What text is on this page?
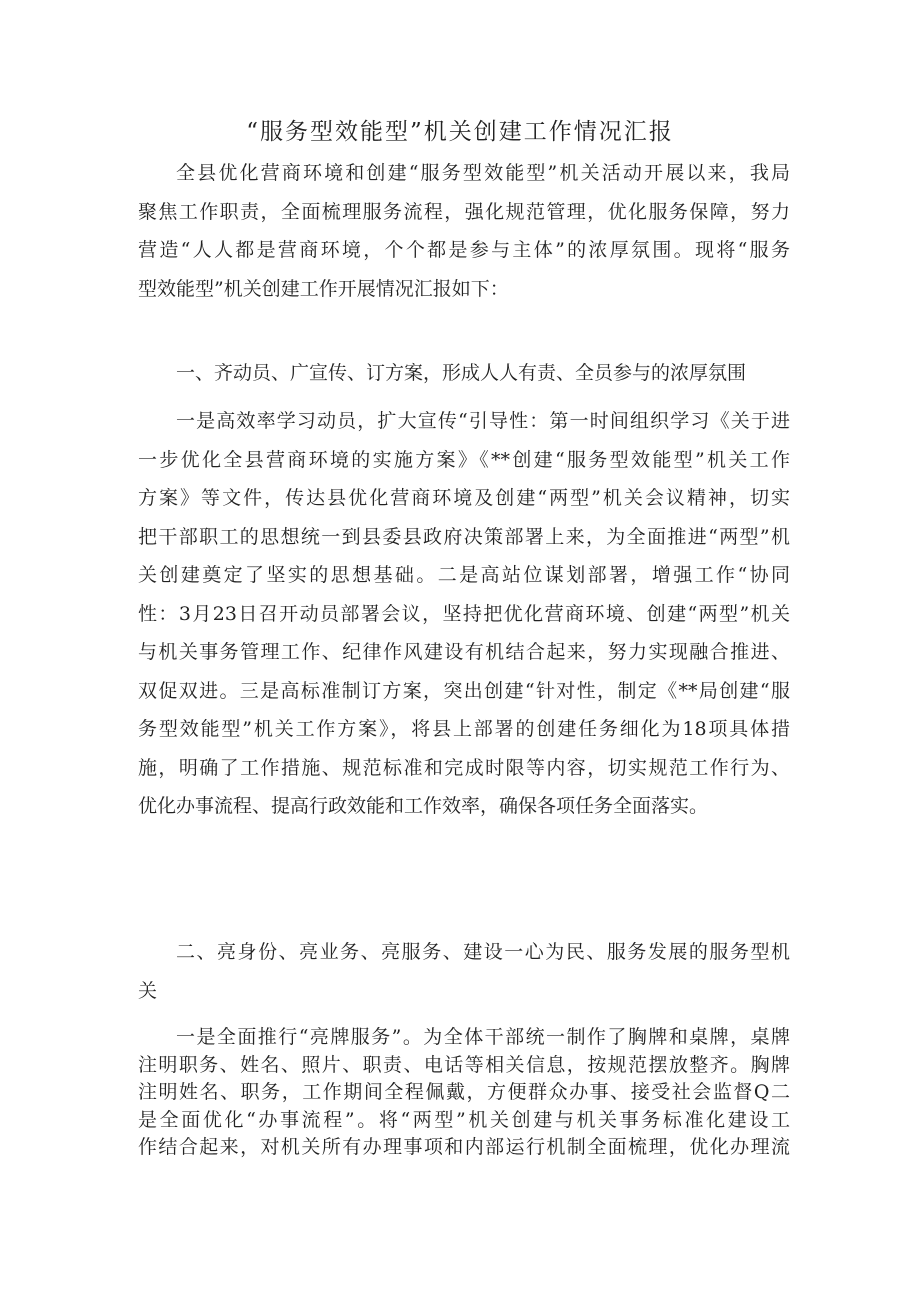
“服务型效能型”机关创建工作情况汇报
全县优化营商环境和创建“服务型效能型”机关活动开展以来，我局
聚焦工作职责，全面梳理服务流程，强化规范管理，优化服务保障，努力
营造“人人都是营商环境，个个都是参与主体”的浓厚氛围。现将“服务
型效能型”机关创建工作开展情况汇报如下：
一、齐动员、广宣传、订方案，形成人人有责、全员参与的浓厚氛围
一是高效率学习动员，扩大宣传“引导性：第一时间组织学习《关于进
一步优化全县营商环境的实施方案》《**创建“服务型效能型”机关工作
方案》等文件，传达县优化营商环境及创建“两型”机关会议精神，切实
把干部职工的思想统一到县委县政府决策部署上来，为全面推进“两型”机
关创建奠定了坚实的思想基础。二是高站位谋划部署，增强工作“协同
性：3月23日召开动员部署会议，坚持把优化营商环境、创建“两型”机关
与机关事务管理工作、纪律作风建设有机结合起来，努力实现融合推进、
双促双进。三是高标准制订方案，突出创建“针对性，制定《**局创建“服
务型效能型”机关工作方案》，将县上部署的创建任务细化为18项具体措
施，明确了工作措施、规范标准和完成时限等内容，切实规范工作行为、
优化办事流程、提高行政效能和工作效率，确保各项任务全面落实。
二、亮身份、亮业务、亮服务、建设一心为民、服务发展的服务型机
关
一是全面推行“亮牌服务”。为全体干部统一制作了胸牌和桌牌，桌牌
注明职务、姓名、照片、职责、电话等相关信息，按规范摆放整齐。胸牌
注明姓名、职务，工作期间全程佩戴，方便群众办事、接受社会监督Q二
是全面优化“办事流程”。将“两型”机关创建与机关事务标准化建设工
作结合起来，对机关所有办理事项和内部运行机制全面梳理，优化办理流
